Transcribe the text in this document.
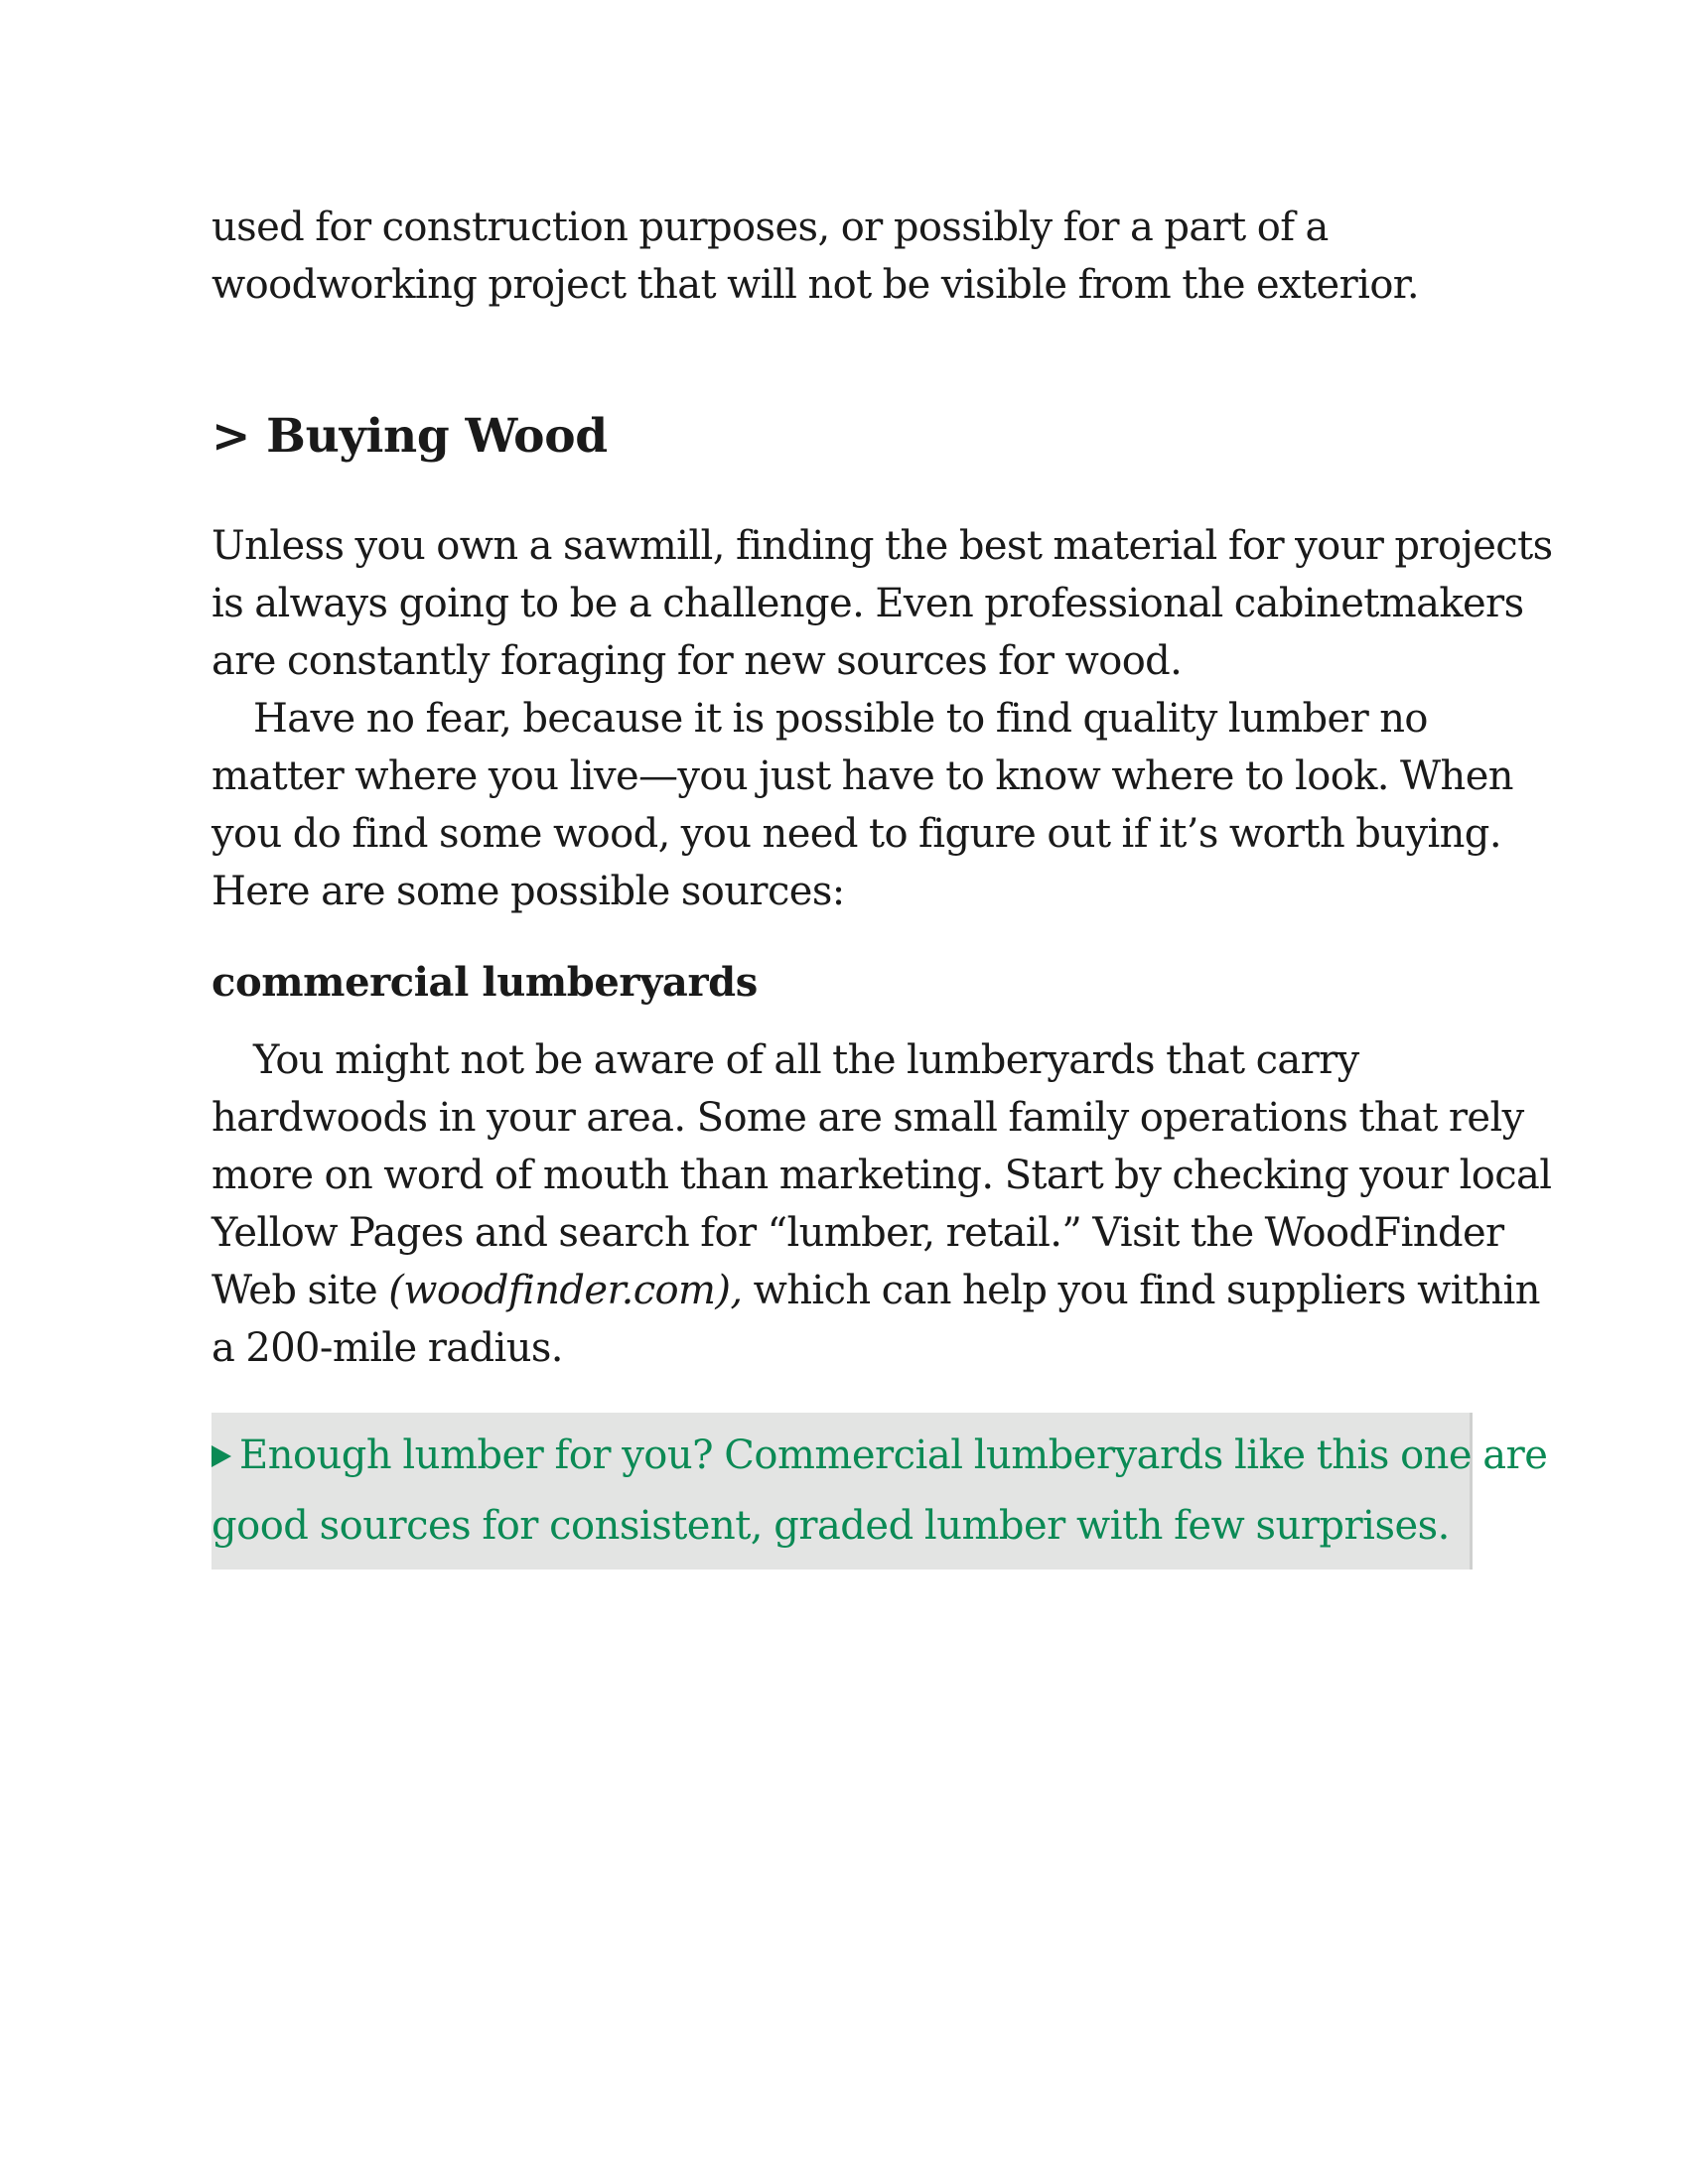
used for construction purposes, or possibly for a part of a
woodworking project that will not be visible from the exterior.

> Buying Wood

Unless you own a sawmill, finding the best material for your projects
is always going to be a challenge. Even professional cabinetmakers
are constantly foraging for new sources for wood.

Have no fear, because it is possible to find quality lumber no
matter where you live—you just have to know where to look. When
you do find some wood, you need to figure out if it’s worth buying.
Here are some possible sources:

commercial lumberyards

You might not be aware of all the lumberyards that carry
hardwoods in your area. Some are small family operations that rely
more on word of mouth than marketing. Start by checking your local
Yellow Pages and search for “lumber, retail.” Visit the WoodFinder
Web site (woodfinder.com), which can help you find suppliers within
a 200-mile radius.

Enough lumber for you? Commercial lumberyards like this one are
good sources for consistent, graded lumber with few surprises.
